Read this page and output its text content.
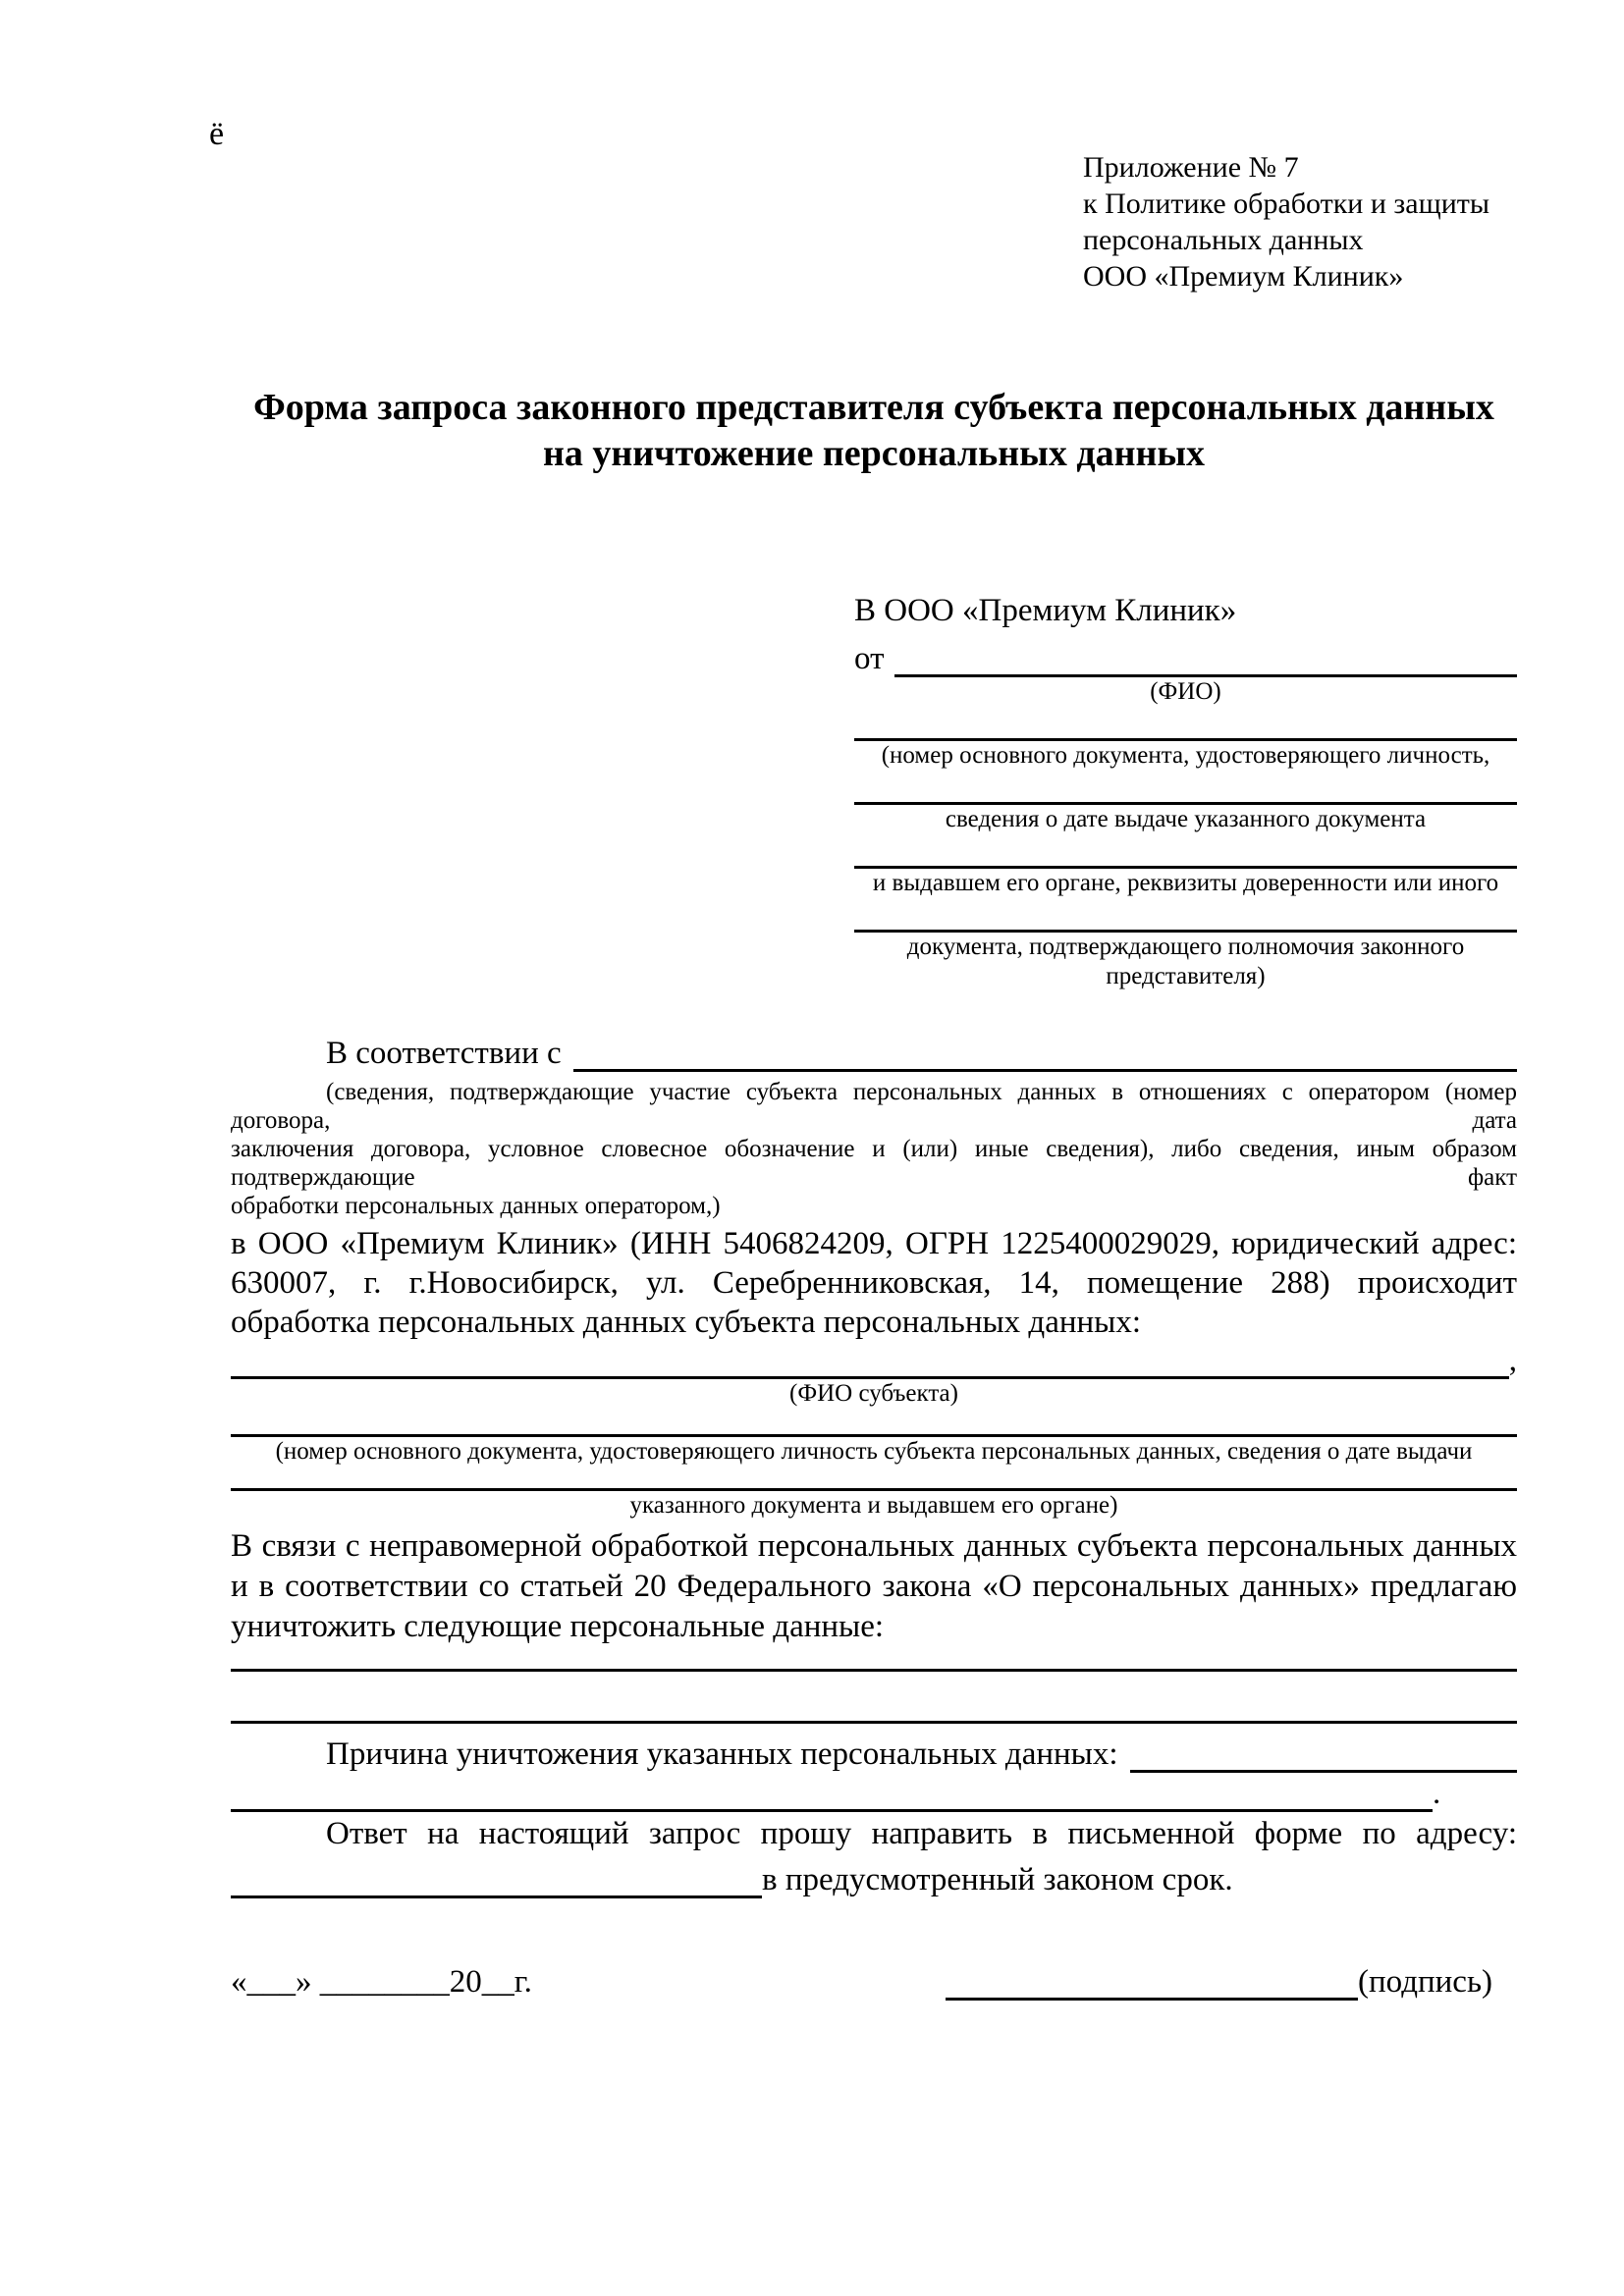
ё
Приложение № 7
к Политике обработки и защиты
персональных данных
ООО «Премиум Клиник»
Форма запроса законного представителя субъекта персональных данных
на уничтожение персональных данных
В ООО «Премиум Клиник»
от
(ФИО)
(номер основного документа, удостоверяющего личность,
сведения о дате выдаче указанного документа
и выдавшем его органе, реквизиты доверенности или иного
документа, подтверждающего полномочия законного представителя)
В соответствии с
(сведения, подтверждающие участие субъекта персональных данных в отношениях с оператором (номер договора, дата
заключения договора, условное словесное обозначение и (или) иные сведения), либо сведения, иным образом подтверждающие факт
обработки персональных данных оператором,)
в ООО «Премиум Клиник» (ИНН 5406824209, ОГРН 1225400029029, юридический адрес:
630007, г. г.Новосибирск, ул. Серебренниковская, 14, помещение 288) происходит
обработка персональных данных субъекта персональных данных:
,
(ФИО субъекта)
(номер основного документа, удостоверяющего личность субъекта персональных данных, сведения о дате выдачи
указанного документа и выдавшем его органе)
В связи с неправомерной обработкой персональных данных субъекта персональных данных
и в соответствии со статьей 20 Федерального закона «О персональных данных» предлагаю
уничтожить следующие персональные данные:
Причина уничтожения указанных персональных данных:
.
Ответ на настоящий запрос прошу направить в письменной форме по адресу:
в предусмотренный законом срок.
«___» ________20__г.	(подпись)
